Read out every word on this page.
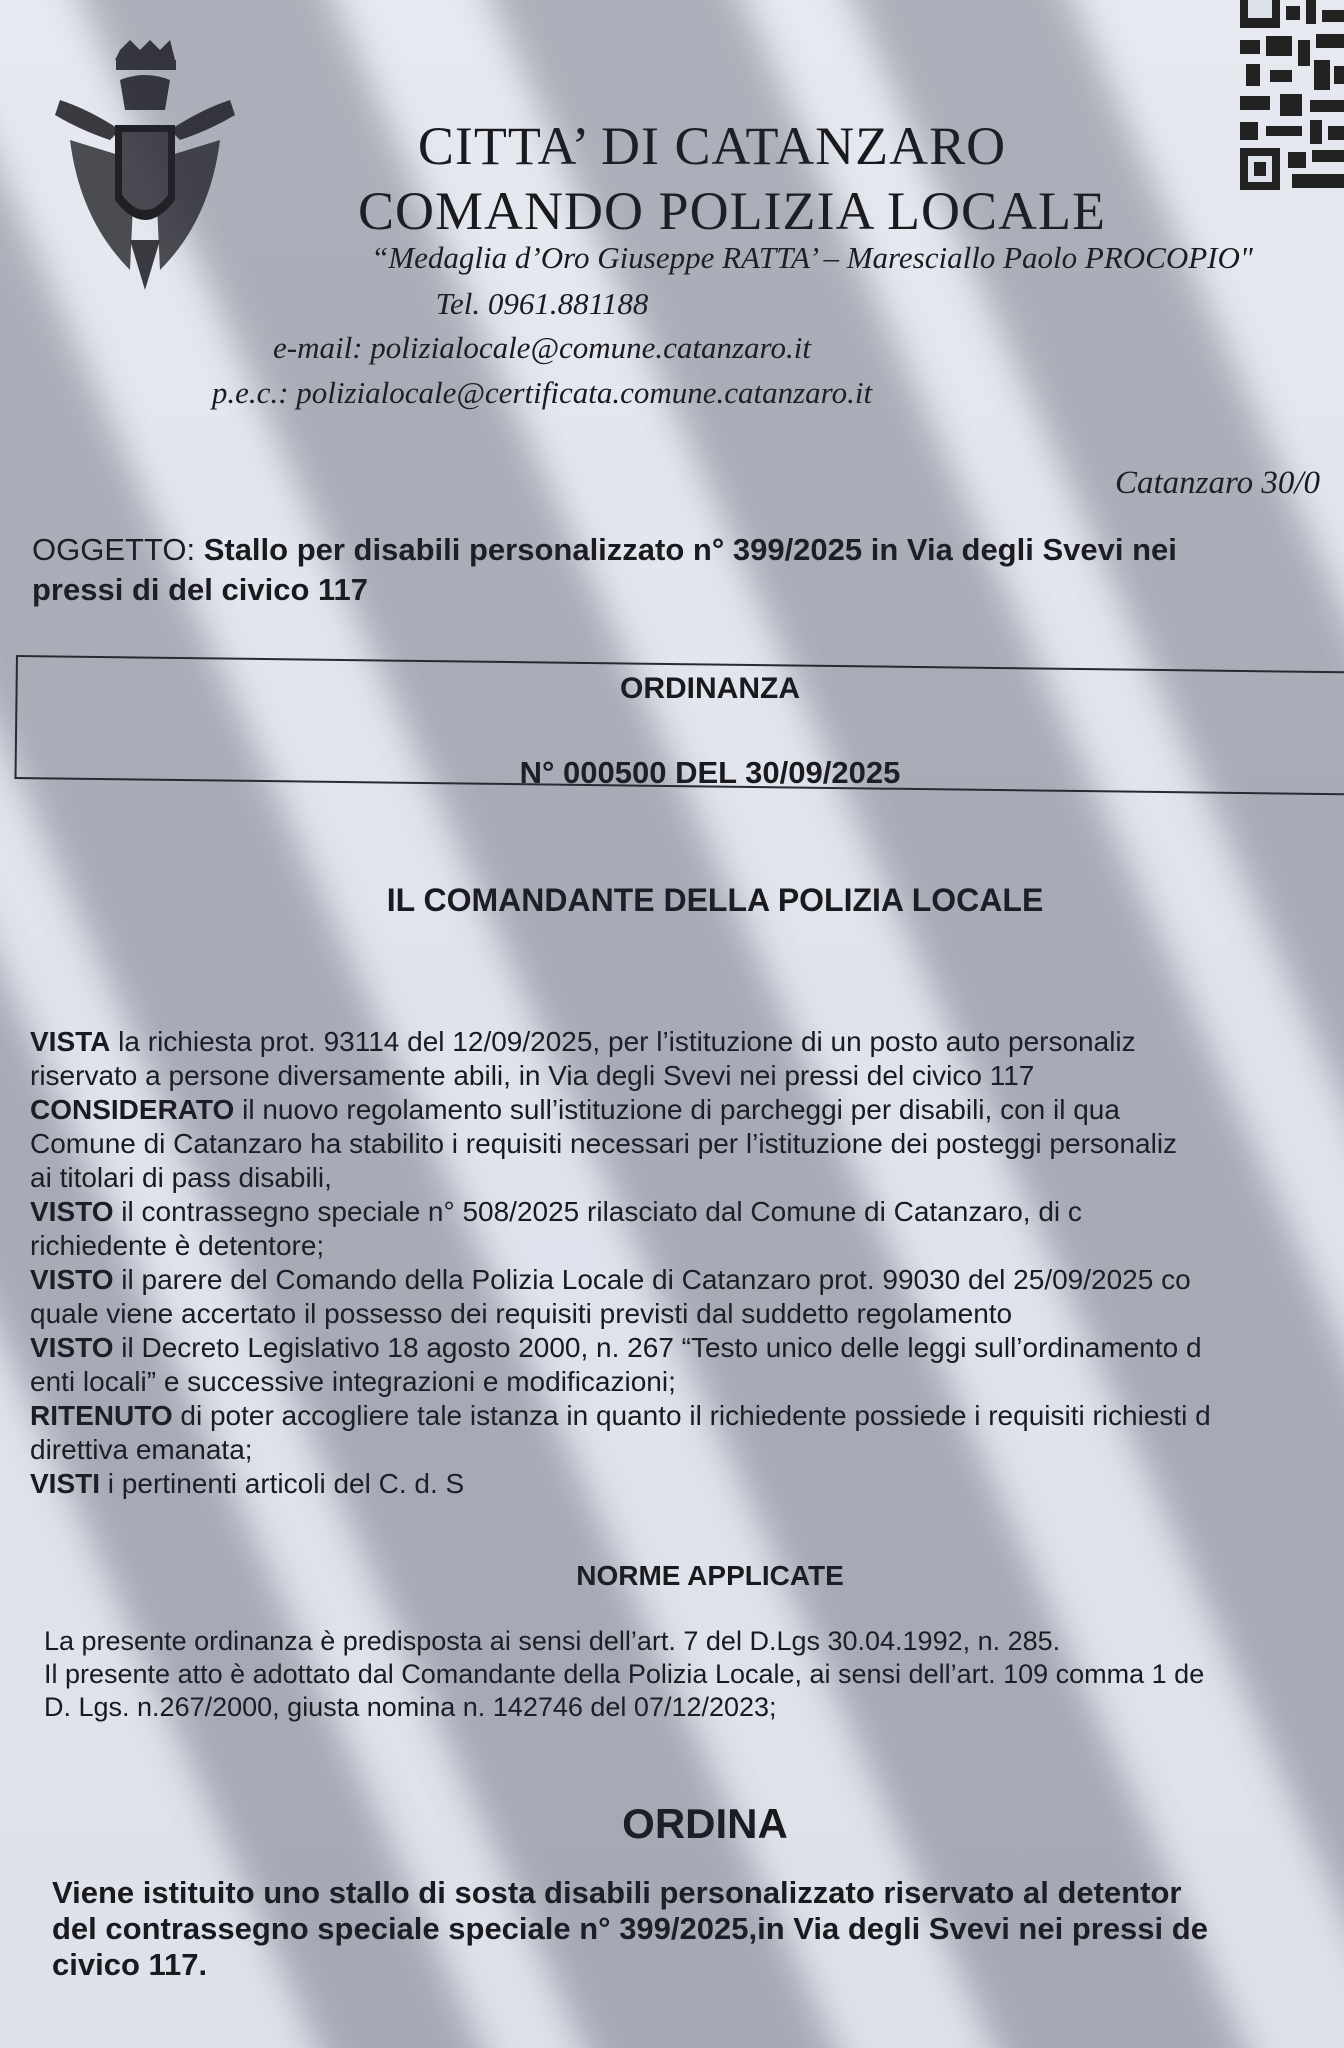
CITTA’ DI CATANZARO
COMANDO POLIZIA LOCALE
“Medaglia d’Oro Giuseppe RATTA’ – Maresciallo Paolo PROCOPIO"
Tel. 0961.881188
e-mail: polizialocale@comune.catanzaro.it
p.e.c.: polizialocale@certificata.comune.catanzaro.it
Catanzaro 30/0
OGGETTO: Stallo per disabili personalizzato n° 399/2025 in Via degli Svevi nei
pressi di del civico 117
ORDINANZA
N° 000500 DEL 30/09/2025
IL COMANDANTE DELLA POLIZIA LOCALE

VISTA la richiesta prot. 93114 del 12/09/2025, per l’istituzione di un posto auto personaliz

riservato a persone diversamente abili, in Via degli Svevi nei pressi del civico 117

CONSIDERATO il nuovo regolamento sull’istituzione di parcheggi per disabili, con il qua

Comune di Catanzaro ha stabilito i requisiti necessari per l’istituzione dei posteggi personaliz

ai titolari di pass disabili,

VISTO il contrassegno speciale n° 508/2025 rilasciato dal Comune di Catanzaro, di c

richiedente è detentore;

VISTO il parere del Comando della Polizia Locale di Catanzaro prot. 99030 del 25/09/2025 co

quale viene accertato il possesso dei requisiti previsti dal suddetto regolamento

VISTO il Decreto Legislativo 18 agosto 2000, n. 267 “Testo unico delle leggi sull’ordinamento d

enti locali” e successive integrazioni e modificazioni;

RITENUTO di poter accogliere tale istanza in quanto il richiedente possiede i requisiti richiesti d

direttiva emanata;

VISTI i pertinenti articoli del C. d. S

NORME APPLICATE

La presente ordinanza è predisposta ai sensi dell’art. 7 del D.Lgs 30.04.1992, n. 285.

Il presente atto è adottato dal Comandante della Polizia Locale, ai sensi dell’art. 109 comma 1 de

D. Lgs. n.267/2000, giusta nomina n. 142746 del 07/12/2023;

ORDINA

Viene istituito uno stallo di sosta disabili personalizzato riservato al detentor

del contrassegno speciale speciale n° 399/2025,in Via degli Svevi nei pressi de

civico 117.
